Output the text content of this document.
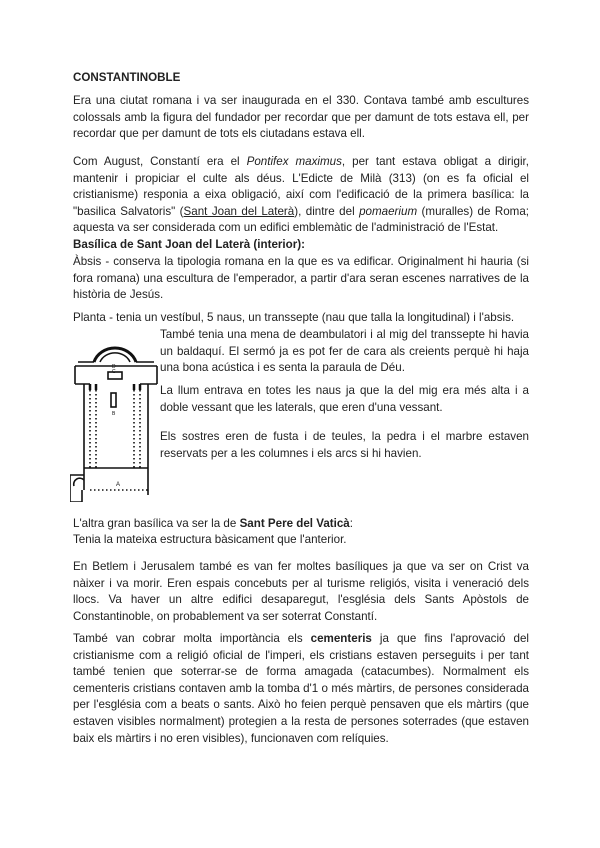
CONSTANTINOBLE

Era una ciutat romana i va ser inaugurada en el 330. Contava també amb escultures colossals amb la figura del fundador per recordar que per damunt de tots estava ell, per recordar que per damunt de tots els ciutadans estava ell.

Com August, Constantí era el Pontifex maximus, per tant estava obligat a dirigir, mantenir i propiciar el culte als déus. L'Edicte de Milà (313) (on es fa oficial el cristianisme) responia a eixa obligació, així com l'edificació de la primera basílica: la "basilica Salvatoris" (Sant Joan del Laterà), dintre del pomaerium (muralles) de Roma; aquesta va ser considerada com un edifici emblemàtic de l'administració de l'Estat.

Basílica de Sant Joan del Laterà (interior):

Àbsis - conserva la tipologia romana en la que es va edificar. Originalment hi hauria (si fora romana) una escultura de l'emperador, a partir d'ara seran escenes narratives de la història de Jesús.

Planta - tenia un vestíbul, 5 naus, un transsepte (nau que talla la longitudinal) i l'absis.

També tenia una mena de deambulatori i al mig del transsepte hi havia un baldaquí. El sermó ja es pot fer de cara als creients perquè hi haja una bona acústica i es senta la paraula de Déu.

La llum entrava en totes les naus ja que la del mig era més alta i a doble vessant que les laterals, que eren d'una vessant.

Els sostres eren de fusta i de teules, la pedra i el marbre estaven reservats per a les columnes i els arcs si hi havien.

D
C
B
A

L'altra gran basílica va ser la de Sant Pere del Vaticà:

Tenia la mateixa estructura bàsicament que l'anterior.

En Betlem i Jerusalem també es van fer moltes basíliques ja que va ser on Crist va nàixer i va morir. Eren espais concebuts per al turisme religiós, visita i veneració dels llocs. Va haver un altre edifici desaparegut, l'església dels Sants Apòstols de Constantinoble, on probablement va ser soterrat Constantí.

També van cobrar molta importància els cementeris ja que fins l'aprovació del cristianisme com a religió oficial de l'imperi, els cristians estaven perseguits i per tant també tenien que soterrar-se de forma amagada (catacumbes). Normalment els cementeris cristians contaven amb la tomba d'1 o més màrtirs, de persones considerada per l'església com a beats o sants. Això ho feien perquè pensaven que els màrtirs (que estaven visibles normalment) protegien a la resta de persones soterrades (que estaven baix els màrtirs i no eren visibles), funcionaven com relíquies.
